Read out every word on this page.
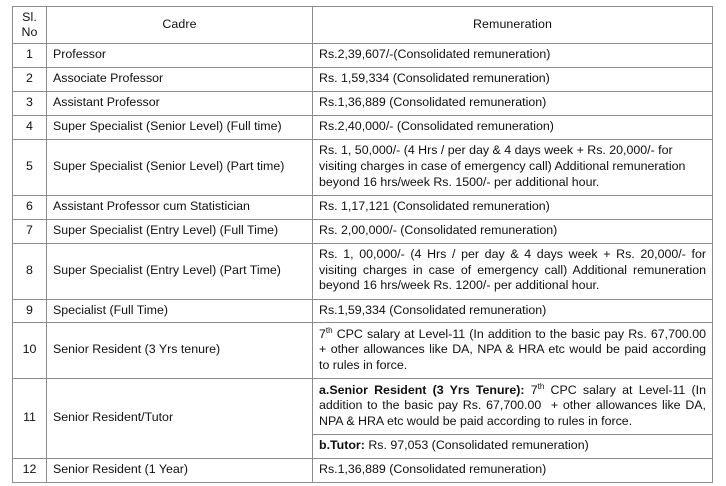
Sl.
No	Cadre	Remuneration
1	Professor	Rs.2,39,607/-(Consolidated remuneration)
2	Associate Professor	Rs. 1,59,334 (Consolidated remuneration)
3	Assistant Professor	Rs.1,36,889 (Consolidated remuneration)
4	Super Specialist (Senior Level) (Full time)	Rs.2,40,000/- (Consolidated remuneration)
5	Super Specialist (Senior Level) (Part time)	Rs. 1, 50,000/- (4 Hrs / per day & 4 days week + Rs. 20,000/- for visiting charges in case of emergency call) Additional remuneration beyond 16 hrs/week Rs. 1500/- per additional hour.
6	Assistant Professor cum Statistician	Rs. 1,17,121 (Consolidated remuneration)
7	Super Specialist (Entry Level) (Full Time)	Rs. 2,00,000/- (Consolidated remuneration)
8	Super Specialist (Entry Level) (Part Time)	Rs. 1, 00,000/- (4 Hrs / per day & 4 days week + Rs. 20,000/- for visiting charges in case of emergency call) Additional remuneration beyond 16 hrs/week Rs. 1200/- per additional hour.
9	Specialist (Full Time)	Rs.1,59,334 (Consolidated remuneration)
10	Senior Resident (3 Yrs tenure)	7th CPC salary at Level-11 (In addition to the basic pay Rs. 67,700.00  + other allowances like DA, NPA & HRA etc would be paid according to rules in force.
11	Senior Resident/Tutor	a.Senior Resident (3 Yrs Tenure): 7th CPC salary at Level-11 (In addition to the basic pay Rs. 67,700.00  + other allowances like DA, NPA & HRA etc would be paid according to rules in force.
		b.Tutor: Rs. 97,053 (Consolidated remuneration)
12	Senior Resident (1 Year)	Rs.1,36,889 (Consolidated remuneration)
